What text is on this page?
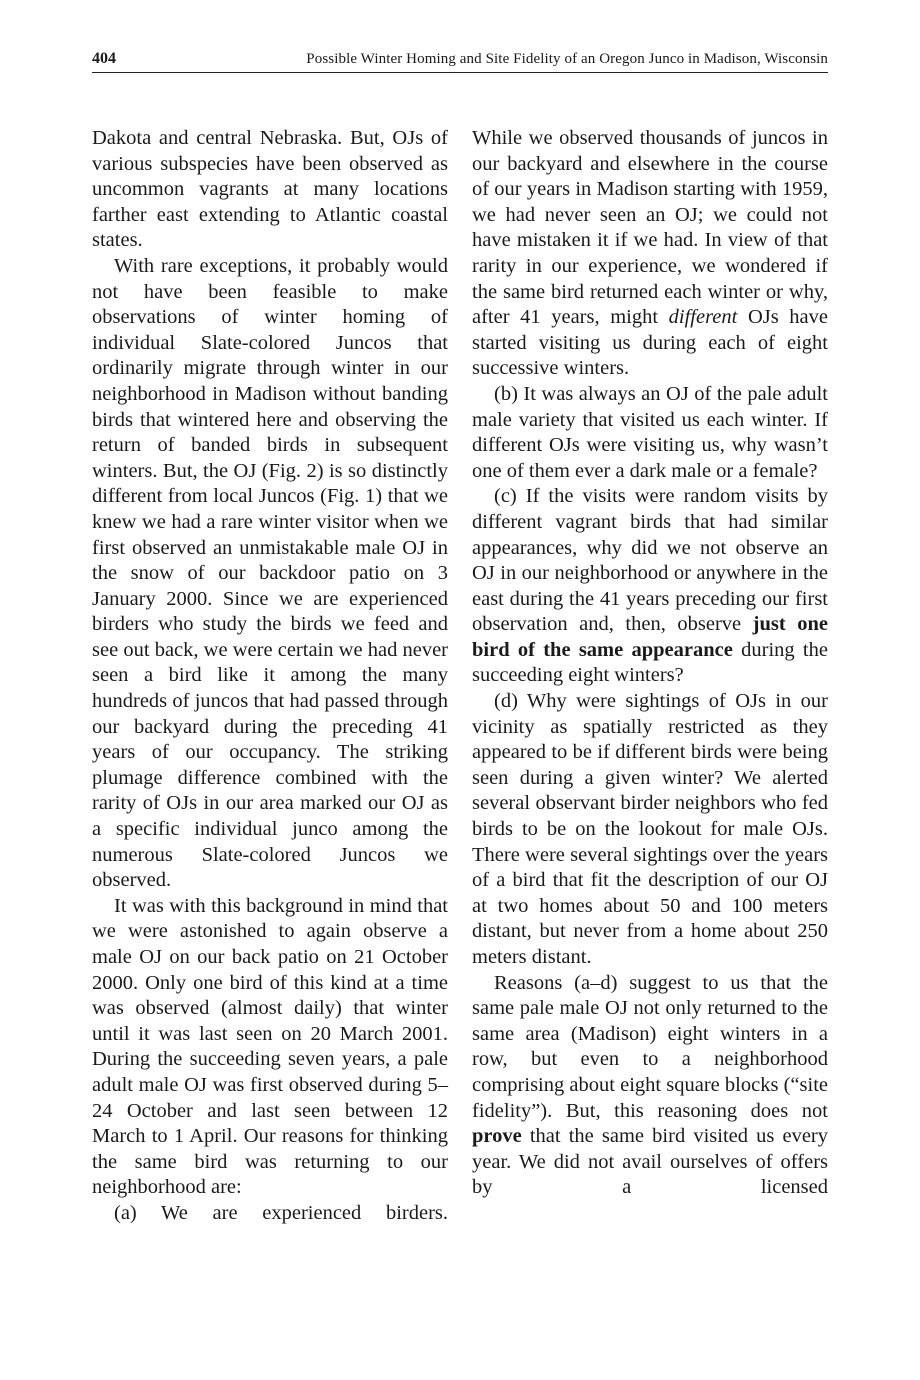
404	Possible Winter Homing and Site Fidelity of an Oregon Junco in Madison, Wisconsin

Dakota and central Nebraska. But, OJs of various subspecies have been observed as uncommon vagrants at many locations farther east extending to Atlantic coastal states.

With rare exceptions, it probably would not have been feasible to make observations of winter homing of individual Slate-colored Juncos that ordinarily migrate through winter in our neighborhood in Madison without banding birds that wintered here and observing the return of banded birds in subsequent winters. But, the OJ (Fig. 2) is so distinctly different from local Juncos (Fig. 1) that we knew we had a rare winter visitor when we first observed an unmistakable male OJ in the snow of our backdoor patio on 3 January 2000. Since we are experienced birders who study the birds we feed and see out back, we were certain we had never seen a bird like it among the many hundreds of juncos that had passed through our backyard during the preceding 41 years of our occupancy. The striking plumage difference combined with the rarity of OJs in our area marked our OJ as a specific individual junco among the numerous Slate-colored Juncos we observed.

It was with this background in mind that we were astonished to again observe a male OJ on our back patio on 21 October 2000. Only one bird of this kind at a time was observed (almost daily) that winter until it was last seen on 20 March 2001. During the succeeding seven years, a pale adult male OJ was first observed during 5–24 October and last seen between 12 March to 1 April. Our reasons for thinking the same bird was returning to our neighborhood are:

(a) We are experienced birders.

While we observed thousands of juncos in our backyard and elsewhere in the course of our years in Madison starting with 1959, we had never seen an OJ; we could not have mistaken it if we had. In view of that rarity in our experience, we wondered if the same bird returned each winter or why, after 41 years, might different OJs have started visiting us during each of eight successive winters.

(b) It was always an OJ of the pale adult male variety that visited us each winter. If different OJs were visiting us, why wasn’t one of them ever a dark male or a female?

(c) If the visits were random visits by different vagrant birds that had similar appearances, why did we not observe an OJ in our neighborhood or anywhere in the east during the 41 years preceding our first observation and, then, observe just one bird of the same appearance during the succeeding eight winters?

(d) Why were sightings of OJs in our vicinity as spatially restricted as they appeared to be if different birds were being seen during a given winter? We alerted several observant birder neighbors who fed birds to be on the lookout for male OJs. There were several sightings over the years of a bird that fit the description of our OJ at two homes about 50 and 100 meters distant, but never from a home about 250 meters distant.

Reasons (a–d) suggest to us that the same pale male OJ not only returned to the same area (Madison) eight winters in a row, but even to a neighborhood comprising about eight square blocks (“site fidelity”). But, this reasoning does not prove that the same bird visited us every year. We did not avail ourselves of offers by a licensed
